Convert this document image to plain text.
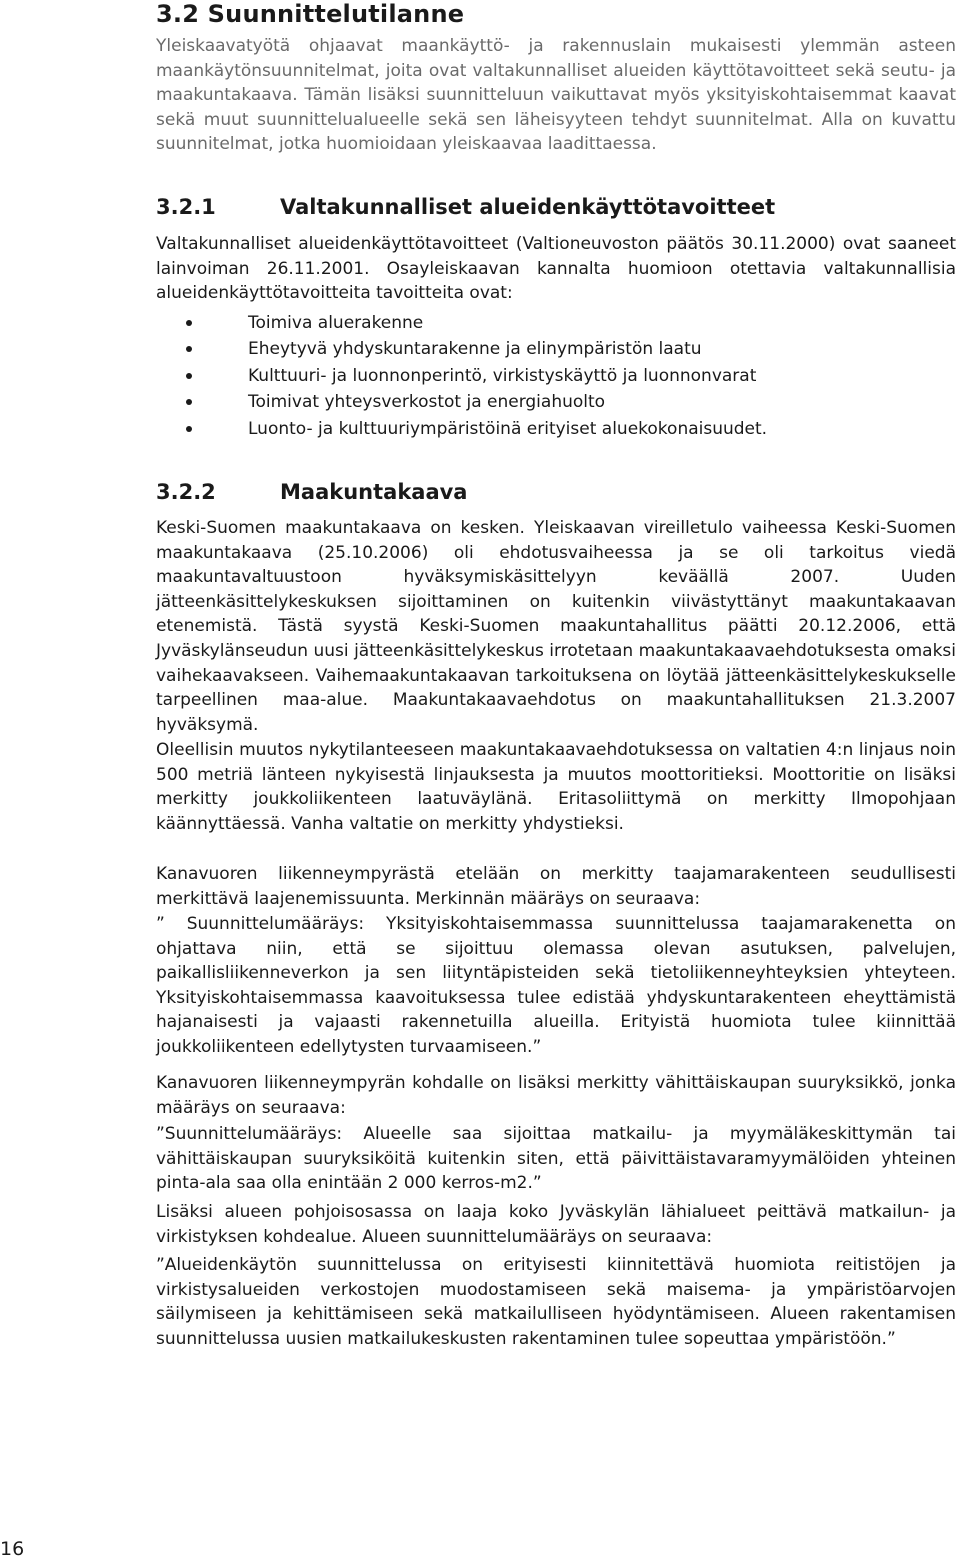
3.2 Suunnittelutilanne

Yleiskaavatyötä ohjaavat maankäyttö- ja rakennuslain mukaisesti ylemmän asteen maankäytönsuunnitelmat, joita ovat valtakunnalliset alueiden käyttötavoitteet sekä seutu- ja maakuntakaava. Tämän lisäksi suunnitteluun vaikuttavat myös yksityiskohtaisemmat kaavat sekä muut suunnittelualueelle sekä sen läheisyyteen tehdyt suunnitelmat. Alla on kuvattu suunnitelmat, jotka huomioidaan yleiskaavaa laadittaessa.

3.2.1	Valtakunnalliset alueidenkäyttötavoitteet

Valtakunnalliset alueidenkäyttötavoitteet (Valtioneuvoston päätös 30.11.2000) ovat saaneet lainvoiman 26.11.2001. Osayleiskaavan kannalta huomioon otettavia valtakunnallisia alueidenkäyttötavoitteita tavoitteita ovat:

Toimiva aluerakenne
Eheytyvä yhdyskuntarakenne ja elinympäristön laatu
Kulttuuri- ja luonnonperintö, virkistyskäyttö ja luonnonvarat
Toimivat yhteysverkostot ja energiahuolto
Luonto- ja kulttuuriympäristöinä erityiset aluekokonaisuudet.
3.2.2	Maakuntakaava

Keski-Suomen maakuntakaava on kesken. Yleiskaavan vireilletulo vaiheessa Keski-Suomen maakuntakaava (25.10.2006) oli ehdotusvaiheessa ja se oli tarkoitus viedä maakuntavaltuustoon hyväksymiskäsittelyyn keväällä 2007. Uuden jätteenkäsittelykeskuksen sijoittaminen on kuitenkin viivästyttänyt maakuntakaavan etenemistä. Tästä syystä Keski-Suomen maakuntahallitus päätti 20.12.2006, että Jyväskylänseudun uusi jätteenkäsittelykeskus irrotetaan maakuntakaavaehdotuksesta omaksi vaihekaavakseen. Vaihemaakuntakaavan tarkoituksena on löytää jätteenkäsittelykeskukselle tarpeellinen maa-alue. Maakuntakaavaehdotus on maakuntahallituksen 21.3.2007 hyväksymä.

Oleellisin muutos nykytilanteeseen maakuntakaavaehdotuksessa on valtatien 4:n linjaus noin 500 metriä länteen nykyisestä linjauksesta ja muutos moottoritieksi. Moottoritie on lisäksi merkitty joukkoliikenteen laatuväylänä. Eritasoliittymä on merkitty Ilmopohjaan käännyttäessä. Vanha valtatie on merkitty yhdystieksi.

Kanavuoren liikenneympyrästä etelään on merkitty taajamarakenteen seudullisesti merkittävä laajenemissuunta. Merkinnän määräys on seuraava:

” Suunnittelumääräys: Yksityiskohtaisemmassa suunnittelussa taajamarakenetta on ohjattava niin, että se sijoittuu olemassa olevan asutuksen, palvelujen, paikallisliikenneverkon ja sen liityntäpisteiden sekä tietoliikenneyhteyksien yhteyteen. Yksityiskohtaisemmassa kaavoituksessa tulee edistää yhdyskuntarakenteen eheyttämistä hajanaisesti ja vajaasti rakennetuilla alueilla. Erityistä huomiota tulee kiinnittää joukkoliikenteen edellytysten turvaamiseen.”

Kanavuoren liikenneympyrän kohdalle on lisäksi merkitty vähittäiskaupan suuryksikkö, jonka määräys on seuraava:

”Suunnittelumääräys: Alueelle saa sijoittaa matkailu- ja myymäläkeskittymän tai vähittäiskaupan suuryksiköitä kuitenkin siten, että päivittäistavaramyymälöiden yhteinen pinta-ala saa olla enintään 2 000 kerros-m2.”

Lisäksi alueen pohjoisosassa on laaja koko Jyväskylän lähialueet peittävä matkailun- ja virkistyksen kohdealue. Alueen suunnittelumääräys on seuraava:

”Alueidenkäytön suunnittelussa on erityisesti kiinnitettävä huomiota reitistöjen ja virkistysalueiden verkostojen muodostamiseen sekä maisema- ja ympäristöarvojen säilymiseen ja kehittämiseen sekä matkailulliseen hyödyntämiseen. Alueen rakentamisen suunnittelussa uusien matkailukeskusten rakentaminen tulee sopeuttaa ympäristöön.”

16
